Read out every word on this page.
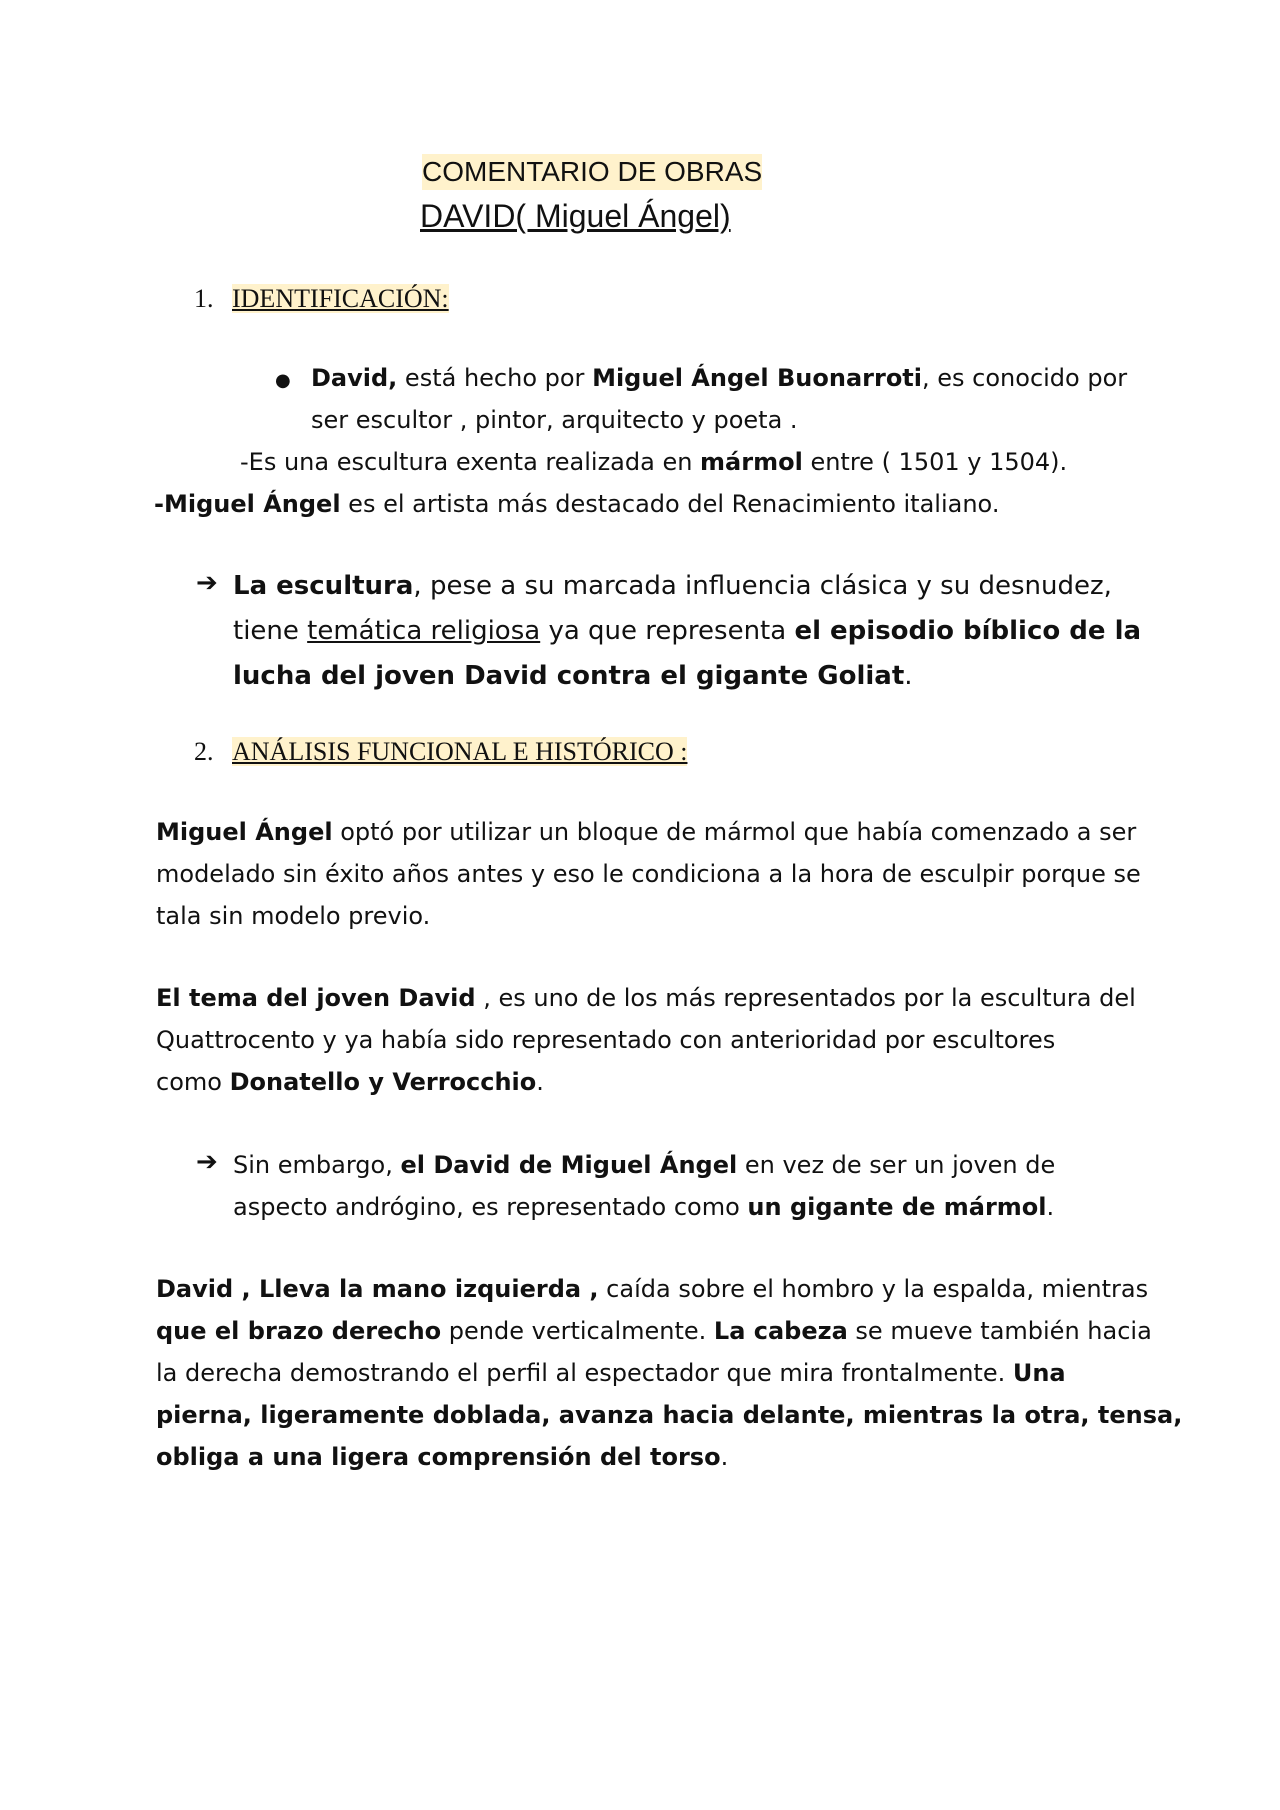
COMENTARIO DE OBRAS
DAVID( Miguel Ángel)
1. IDENTIFICACIÓN:
● David, está hecho por Miguel Ángel Buonarroti, es conocido por
ser escultor , pintor, arquitecto y poeta .
-Es una escultura exenta realizada en mármol entre ( 1501 y 1504).
-Miguel Ángel es el artista más destacado del Renacimiento italiano.
➔ La escultura, pese a su marcada influencia clásica y su desnudez,
tiene temática religiosa ya que representa el episodio bíblico de la
lucha del joven David contra el gigante Goliat.
2. ANÁLISIS FUNCIONAL E HISTÓRICO :
Miguel Ángel optó por utilizar un bloque de mármol que había comenzado a ser
modelado sin éxito años antes y eso le condiciona a la hora de esculpir porque se
tala sin modelo previo.
El tema del joven David , es uno de los más representados por la escultura del
Quattrocento y ya había sido representado con anterioridad por escultores
como Donatello y Verrocchio.
➔ Sin embargo, el David de Miguel Ángel en vez de ser un joven de
aspecto andrógino, es representado como un gigante de mármol.
David , Lleva la mano izquierda , caída sobre el hombro y la espalda, mientras
que el brazo derecho pende verticalmente. La cabeza se mueve también hacia
la derecha demostrando el perfil al espectador que mira frontalmente. Una
pierna, ligeramente doblada, avanza hacia delante, mientras la otra, tensa,
obliga a una ligera comprensión del torso.
